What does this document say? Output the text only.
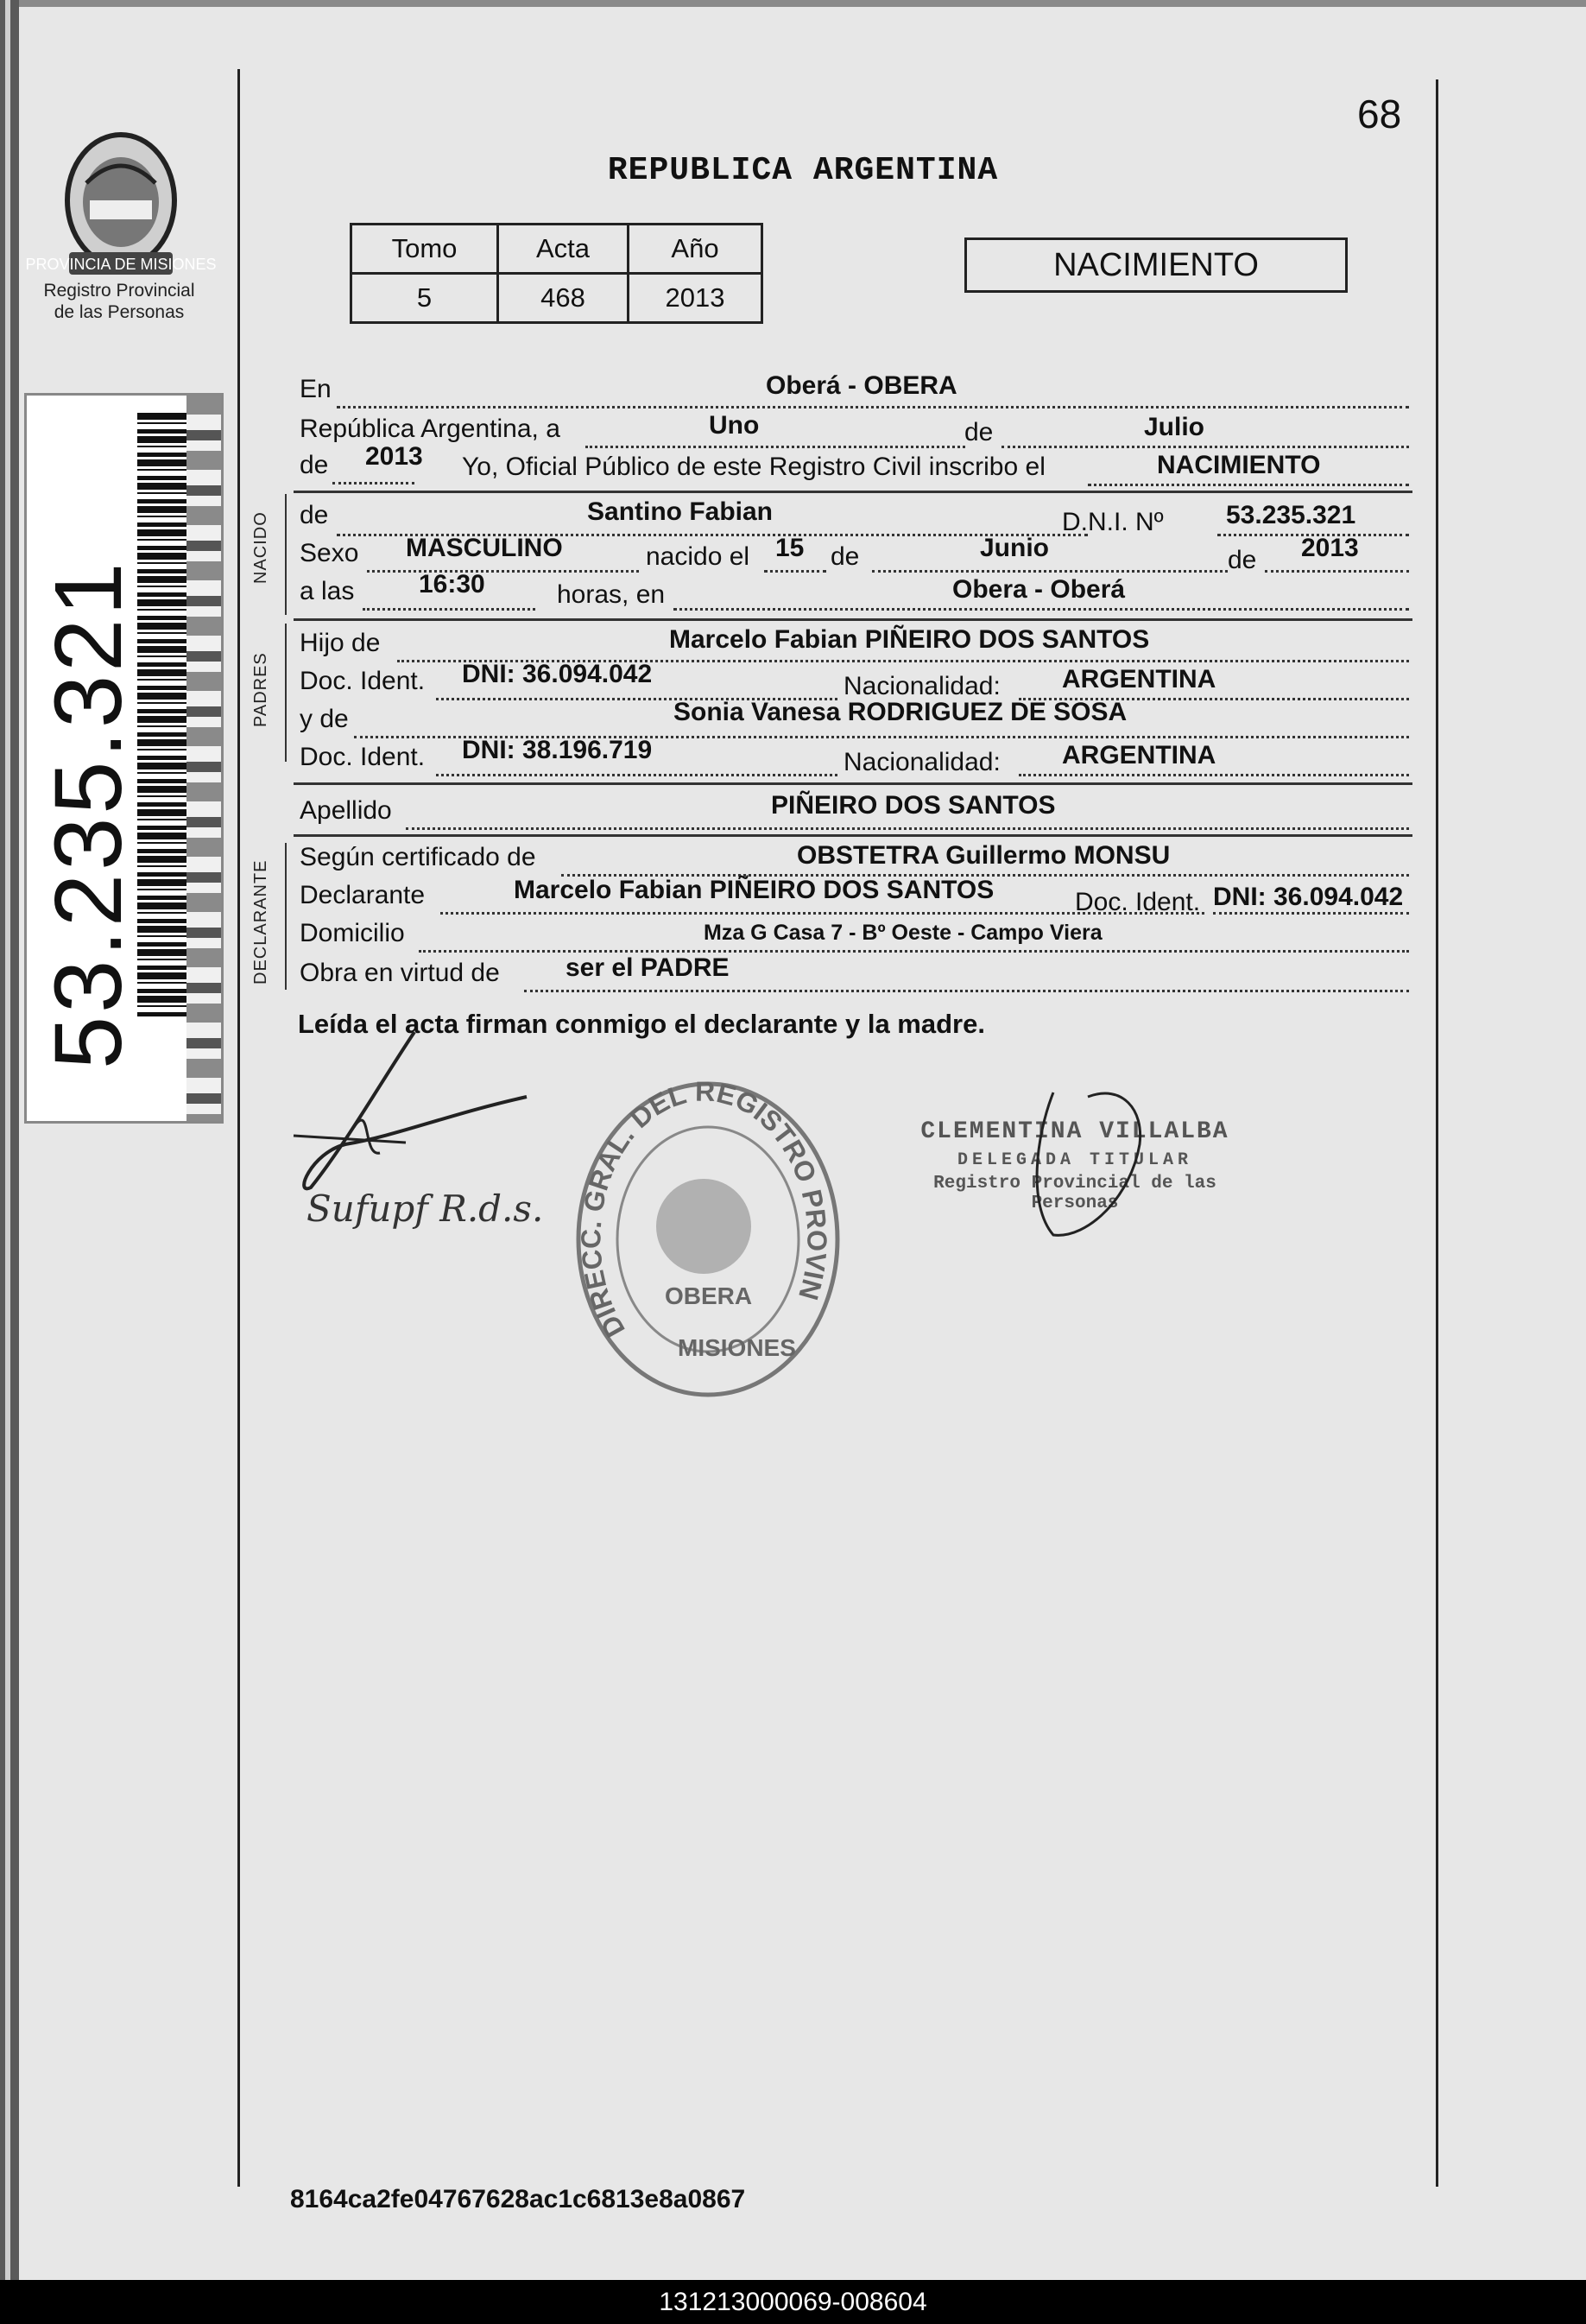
68
REPUBLICA ARGENTINA
PROVINCIA DE MISIONES
Registro Provincial
de las Personas
53.235.321
Tomo	Acta	Año
5	468	2013
NACIMIENTO
En	Oberá - OBERA
República Argentina, a	Uno	de	Julio
de 2013 Yo, Oficial Público de este Registro Civil inscribo el	NACIMIENTO
NACIDO de	Santino Fabian	D.N.I. Nº 53.235.321
Sexo MASCULINO	nacido el 15 de	Junio	de 2013
a las 16:30	horas, en	Obera - Oberá
PADRES
Hijo de	Marcelo Fabian PIÑEIRO DOS SANTOS
Doc. Ident. DNI: 36.094.042	Nacionalidad: ARGENTINA
y de	Sonia Vanesa RODRIGUEZ DE SOSA
Doc. Ident. DNI: 38.196.719	Nacionalidad: ARGENTINA
Apellido	PIÑEIRO DOS SANTOS
DECLARANTE
Según certificado de	OBSTETRA Guillermo MONSU
Declarante	Marcelo Fabian PIÑEIRO DOS SANTOS	Doc. Ident. DNI: 36.094.042
Domicilio	Mza G Casa 7 - Bº Oeste - Campo Viera
Obra en virtud de	ser el PADRE
Leída el acta firman conmigo el declarante y la madre.
Sufupf R.d.s.
DIRECC. GRAL. DEL REGISTRO PROVIN
OBERA
MISIONES
CLEMENTINA VILLALBA
DELEGADA TITULAR
Registro Provincial de las Personas
8164ca2fe04767628ac1c6813e8a0867
131213000069-008604
